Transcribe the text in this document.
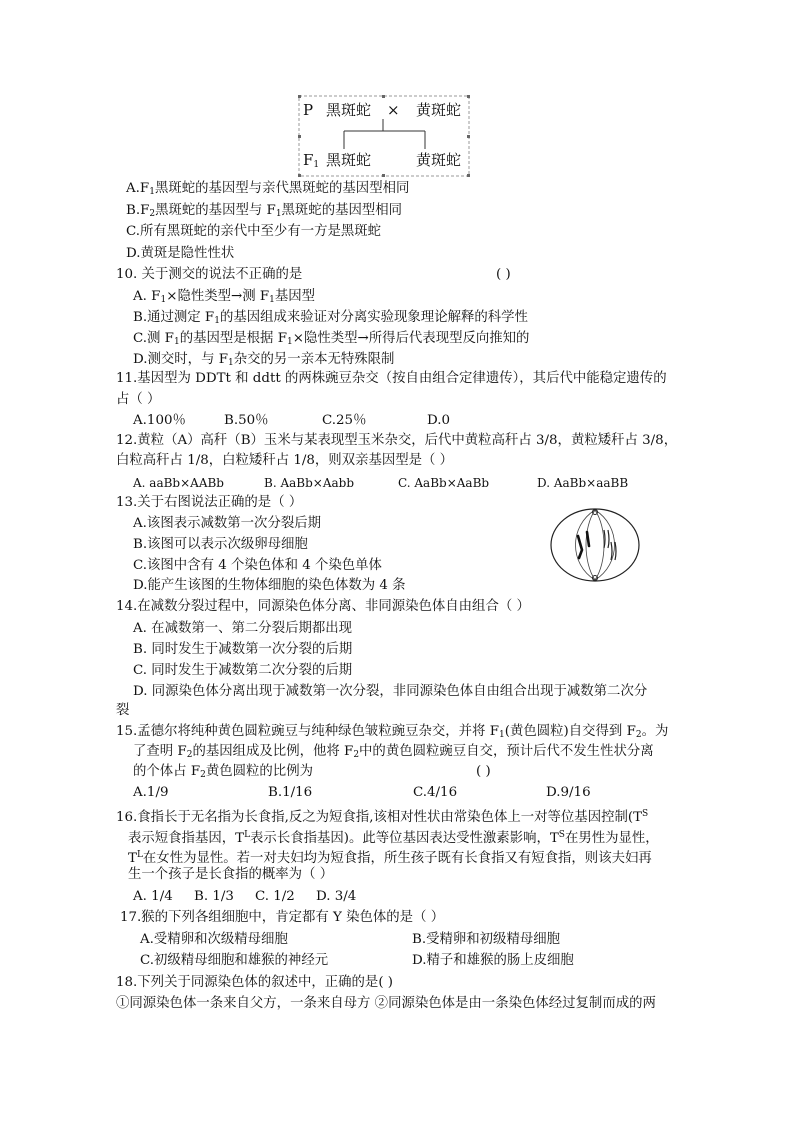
P 黑斑蛇 × 黄斑蛇
$F_1$ 黑斑蛇	黄斑蛇
$A.F_1$黑斑蛇的基因型与亲代黑斑蛇的基因型相同
$B.F_2$黑斑蛇的基因型与 $F_1$黑斑蛇的基因型相同
C.所有黑斑蛇的亲代中至少有一方是黑斑蛇
D.黄斑是隐性性状
10. 关于测交的说法不正确的是	( )
A. $F_1\times$隐性类型→测 $F_1$基因型
B.通过测定 $F_1$的基因组成来验证对分离实验现象理论解释的科学性
C.测 $F_1$的基因型是根据 $F_1\times$隐性类型→所得后代表现型反向推知的
D.测交时，与 $F_1$杂交的另一亲本无特殊限制
11.基因型为 DDTt 和 ddtt 的两株豌豆杂交（按自由组合定律遗传），其后代中能稳定遗传的
占（ ）
A.100％	B.50％	C.25％	D.0
12.黄粒（A）高秆（B）玉米与某表现型玉米杂交，后代中黄粒高秆占 3/8，黄粒矮秆占 3/8，
白粒高秆占 1/8，白粒矮秆占 1/8，则双亲基因型是（ ）
A. aaBb×AABb	B. AaBb×Aabb	C. AaBb×AaBb	D. AaBb×aaBB
13.关于右图说法正确的是（ ）
A.该图表示减数第一次分裂后期
B.该图可以表示次级卵母细胞
C.该图中含有 4 个染色体和 4 个染色单体
D.能产生该图的生物体细胞的染色体数为 4 条
14.在减数分裂过程中，同源染色体分离、非同源染色体自由组合（ ）
A. 在减数第一、第二分裂后期都出现
B. 同时发生于减数第一次分裂的后期
C. 同时发生于减数第二次分裂的后期
D. 同源染色体分离出现于减数第一次分裂，非同源染色体自由组合出现于减数第二次分
裂
15.孟德尔将纯种黄色圆粒豌豆与纯种绿色皱粒豌豆杂交，并将 $F_1$(黄色圆粒)自交得到 $F_2$。为
了查明 $F_2$的基因组成及比例，他将 $F_2$中的黄色圆粒豌豆自交，预计后代不发生性状分离
的个体占 $F_2$黄色圆粒的比例为	( )
A.1/9	B.1/16	C.4/16	D.9/16
16.食指长于无名指为长食指,反之为短食指,该相对性状由常染色体上一对等位基因控制($T^S$
表示短食指基因，$T^L$表示长食指基因)。此等位基因表达受性激素影响，$T^S$在男性为显性，
$T^L$在女性为显性。若一对夫妇均为短食指，所生孩子既有长食指又有短食指，则该夫妇再
生一个孩子是长食指的概率为（ ）
A. 1/4 B. 1/3 C. 1/2 D. 3/4
17.猴的下列各组细胞中，肯定都有 Y 染色体的是（ ）
A.受精卵和次级精母细胞	B.受精卵和初级精母细胞
C.初级精母细胞和雄猴的神经元	D.精子和雄猴的肠上皮细胞
18.下列关于同源染色体的叙述中，正确的是( )
①同源染色体一条来自父方，一条来自母方 ②同源染色体是由一条染色体经过复制而成的两
